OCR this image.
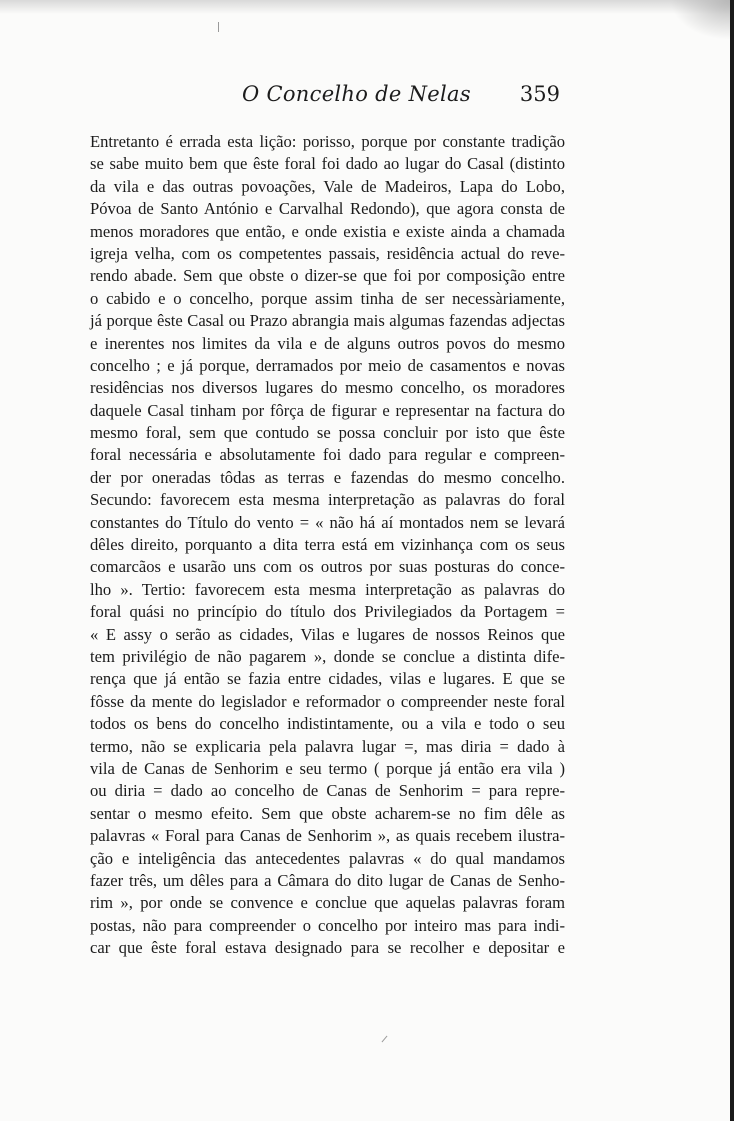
O Concelho de Nelas 359
Entretanto é errada esta lição: porisso, porque por constante tradição
se sabe muito bem que êste foral foi dado ao lugar do Casal (distinto
da vila e das outras povoações, Vale de Madeiros, Lapa do Lobo,
Póvoa de Santo António e Carvalhal Redondo), que agora consta de
menos moradores que então, e onde existia e existe ainda a chamada
igreja velha, com os competentes passais, residência actual do reve-
rendo abade. Sem que obste o dizer-se que foi por composição entre
o cabido e o concelho, porque assim tinha de ser necessàriamente,
já porque êste Casal ou Prazo abrangia mais algumas fazendas adjectas
e inerentes nos limites da vila e de alguns outros povos do mesmo
concelho ; e já porque, derramados por meio de casamentos e novas
residências nos diversos lugares do mesmo concelho, os moradores
daquele Casal tinham por fôrça de figurar e representar na factura do
mesmo foral, sem que contudo se possa concluir por isto que êste
foral necessária e absolutamente foi dado para regular e compreen-
der por oneradas tôdas as terras e fazendas do mesmo concelho.
Secundo: favorecem esta mesma interpretação as palavras do foral
constantes do Título do vento = « não há aí montados nem se levará
dêles direito, porquanto a dita terra está em vizinhança com os seus
comarcãos e usarão uns com os outros por suas posturas do conce-
lho ». Tertio: favorecem esta mesma interpretação as palavras do
foral quási no princípio do título dos Privilegiados da Portagem =
« E assy o serão as cidades, Vilas e lugares de nossos Reinos que
tem privilégio de não pagarem », donde se conclue a distinta dife-
rença que já então se fazia entre cidades, vilas e lugares. E que se
fôsse da mente do legislador e reformador o compreender neste foral
todos os bens do concelho indistintamente, ou a vila e todo o seu
termo, não se explicaria pela palavra lugar =, mas diria = dado à
vila de Canas de Senhorim e seu termo ( porque já então era vila )
ou diria = dado ao concelho de Canas de Senhorim = para repre-
sentar o mesmo efeito. Sem que obste acharem-se no fim dêle as
palavras « Foral para Canas de Senhorim », as quais recebem ilustra-
ção e inteligência das antecedentes palavras « do qual mandamos
fazer três, um dêles para a Câmara do dito lugar de Canas de Senho-
rim », por onde se convence e conclue que aquelas palavras foram
postas, não para compreender o concelho por inteiro mas para indi-
car que êste foral estava designado para se recolher e depositar e
